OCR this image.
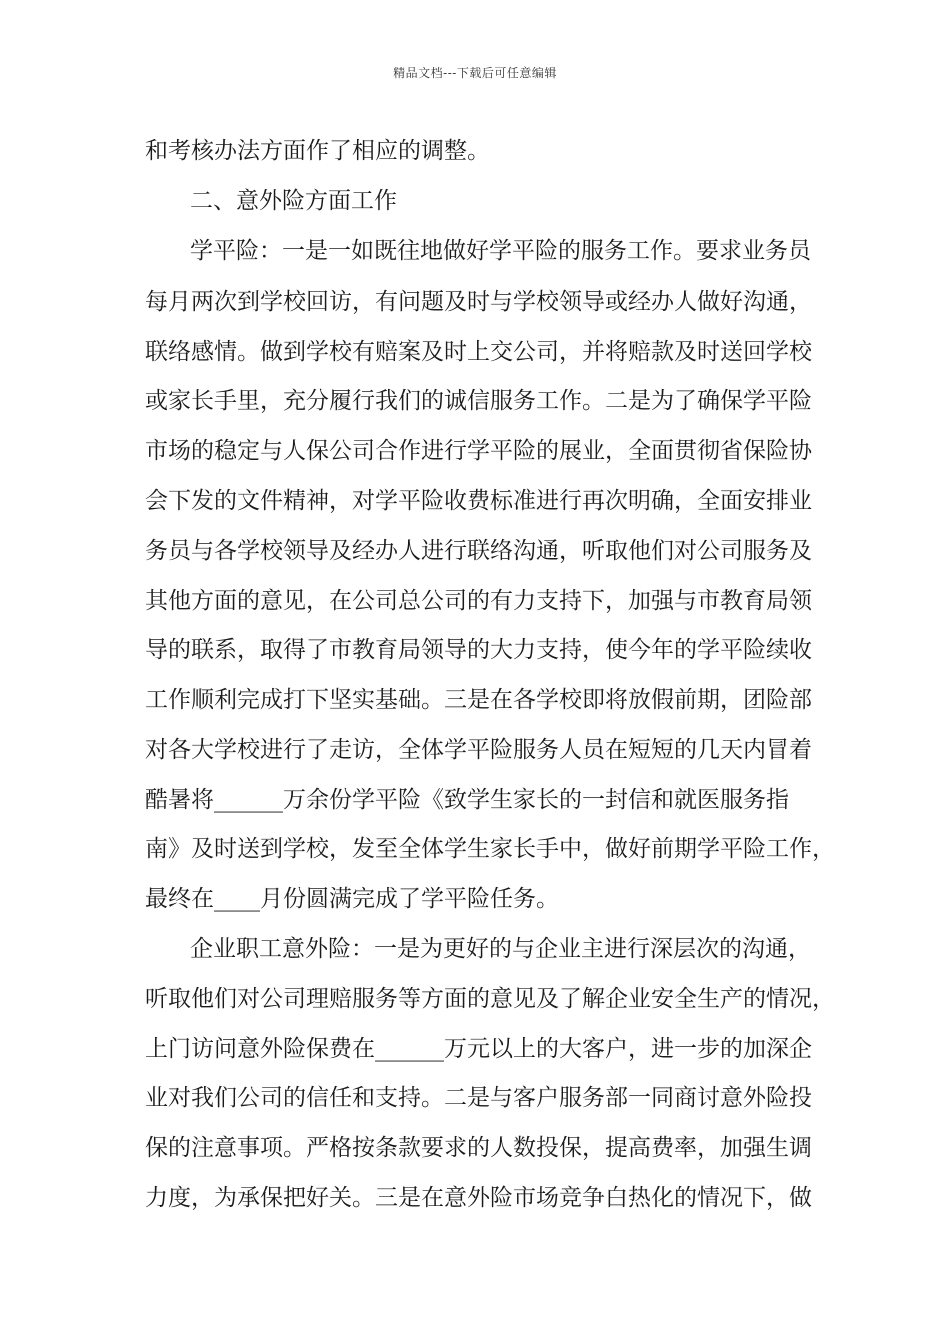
精品文档---下载后可任意编辑
和考核办法方面作了相应的调整。
二、意外险方面工作
学平险：一是一如既往地做好学平险的服务工作。要求业务员
每月两次到学校回访，有问题及时与学校领导或经办人做好沟通，
联络感情。做到学校有赔案及时上交公司，并将赔款及时送回学校
或家长手里，充分履行我们的诚信服务工作。二是为了确保学平险
市场的稳定与人保公司合作进行学平险的展业，全面贯彻省保险协
会下发的文件精神，对学平险收费标准进行再次明确，全面安排业
务员与各学校领导及经办人进行联络沟通，听取他们对公司服务及
其他方面的意见，在公司总公司的有力支持下，加强与市教育局领
导的联系，取得了市教育局领导的大力支持，使今年的学平险续收
工作顺利完成打下坚实基础。三是在各学校即将放假前期，团险部
对各大学校进行了走访，全体学平险服务人员在短短的几天内冒着
酷暑将______万余份学平险《致学生家长的一封信和就医服务指
南》及时送到学校，发至全体学生家长手中，做好前期学平险工作，
最终在____月份圆满完成了学平险任务。
企业职工意外险：一是为更好的与企业主进行深层次的沟通，
听取他们对公司理赔服务等方面的意见及了解企业安全生产的情况，
上门访问意外险保费在______万元以上的大客户，进一步的加深企
业对我们公司的信任和支持。二是与客户服务部一同商讨意外险投
保的注意事项。严格按条款要求的人数投保，提高费率，加强生调
力度，为承保把好关。三是在意外险市场竞争白热化的情况下，做
